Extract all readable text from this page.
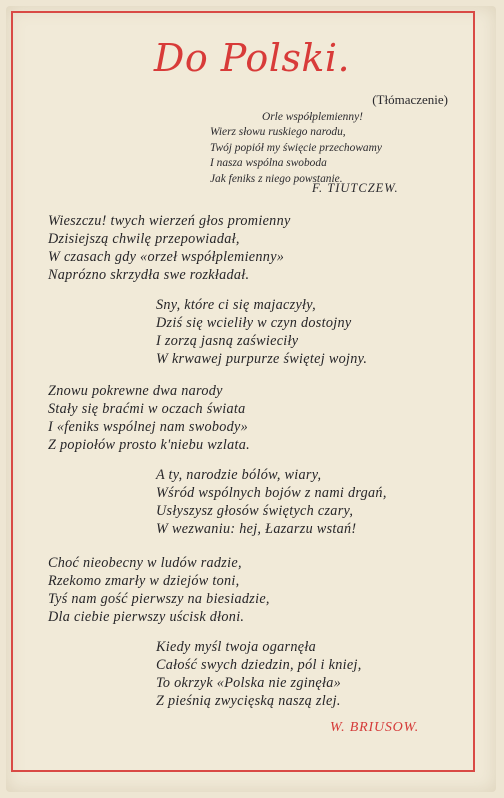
Do Polski.
(Tłómaczenie)
Orle współplemienny!
Wierz słowu ruskiego narodu,
Twój popiół my święcie przechowamy
I nasza wspólna swoboda
Jak feniks z niego powstanie.
F. TIUTCZEW.
Wieszczu! twych wierzeń głos promienny
Dzisiejszą chwilę przepowiadał,
W czasach gdy «orzeł współplemienny»
Naprózno skrzydła swe rozkładał.
Sny, które ci się majaczyły,
Dziś się wcieliły w czyn dostojny
I zorzą jasną zaświeciły
W krwawej purpurze świętej wojny.
Znowu pokrewne dwa narody
Stały się braćmi w oczach świata
I «feniks wspólnej nam swobody»
Z popiołów prosto k'niebu wzlata.
A ty, narodzie bólów, wiary,
Wśród wspólnych bojów z nami drgań,
Usłyszysz głosów świętych czary,
W wezwaniu: hej, Łazarzu wstań!
Choć nieobecny w ludów radzie,
Rzekomo zmarły w dziejów toni,
Tyś nam gość pierwszy na biesiadzie,
Dla ciebie pierwszy uścisk dłoni.
Kiedy myśl twoja ogarnęła
Całość swych dziedzin, pól i kniej,
To okrzyk «Polska nie zginęła»
Z pieśnią zwycięską naszą zlej.
W. BRIUSOW.
